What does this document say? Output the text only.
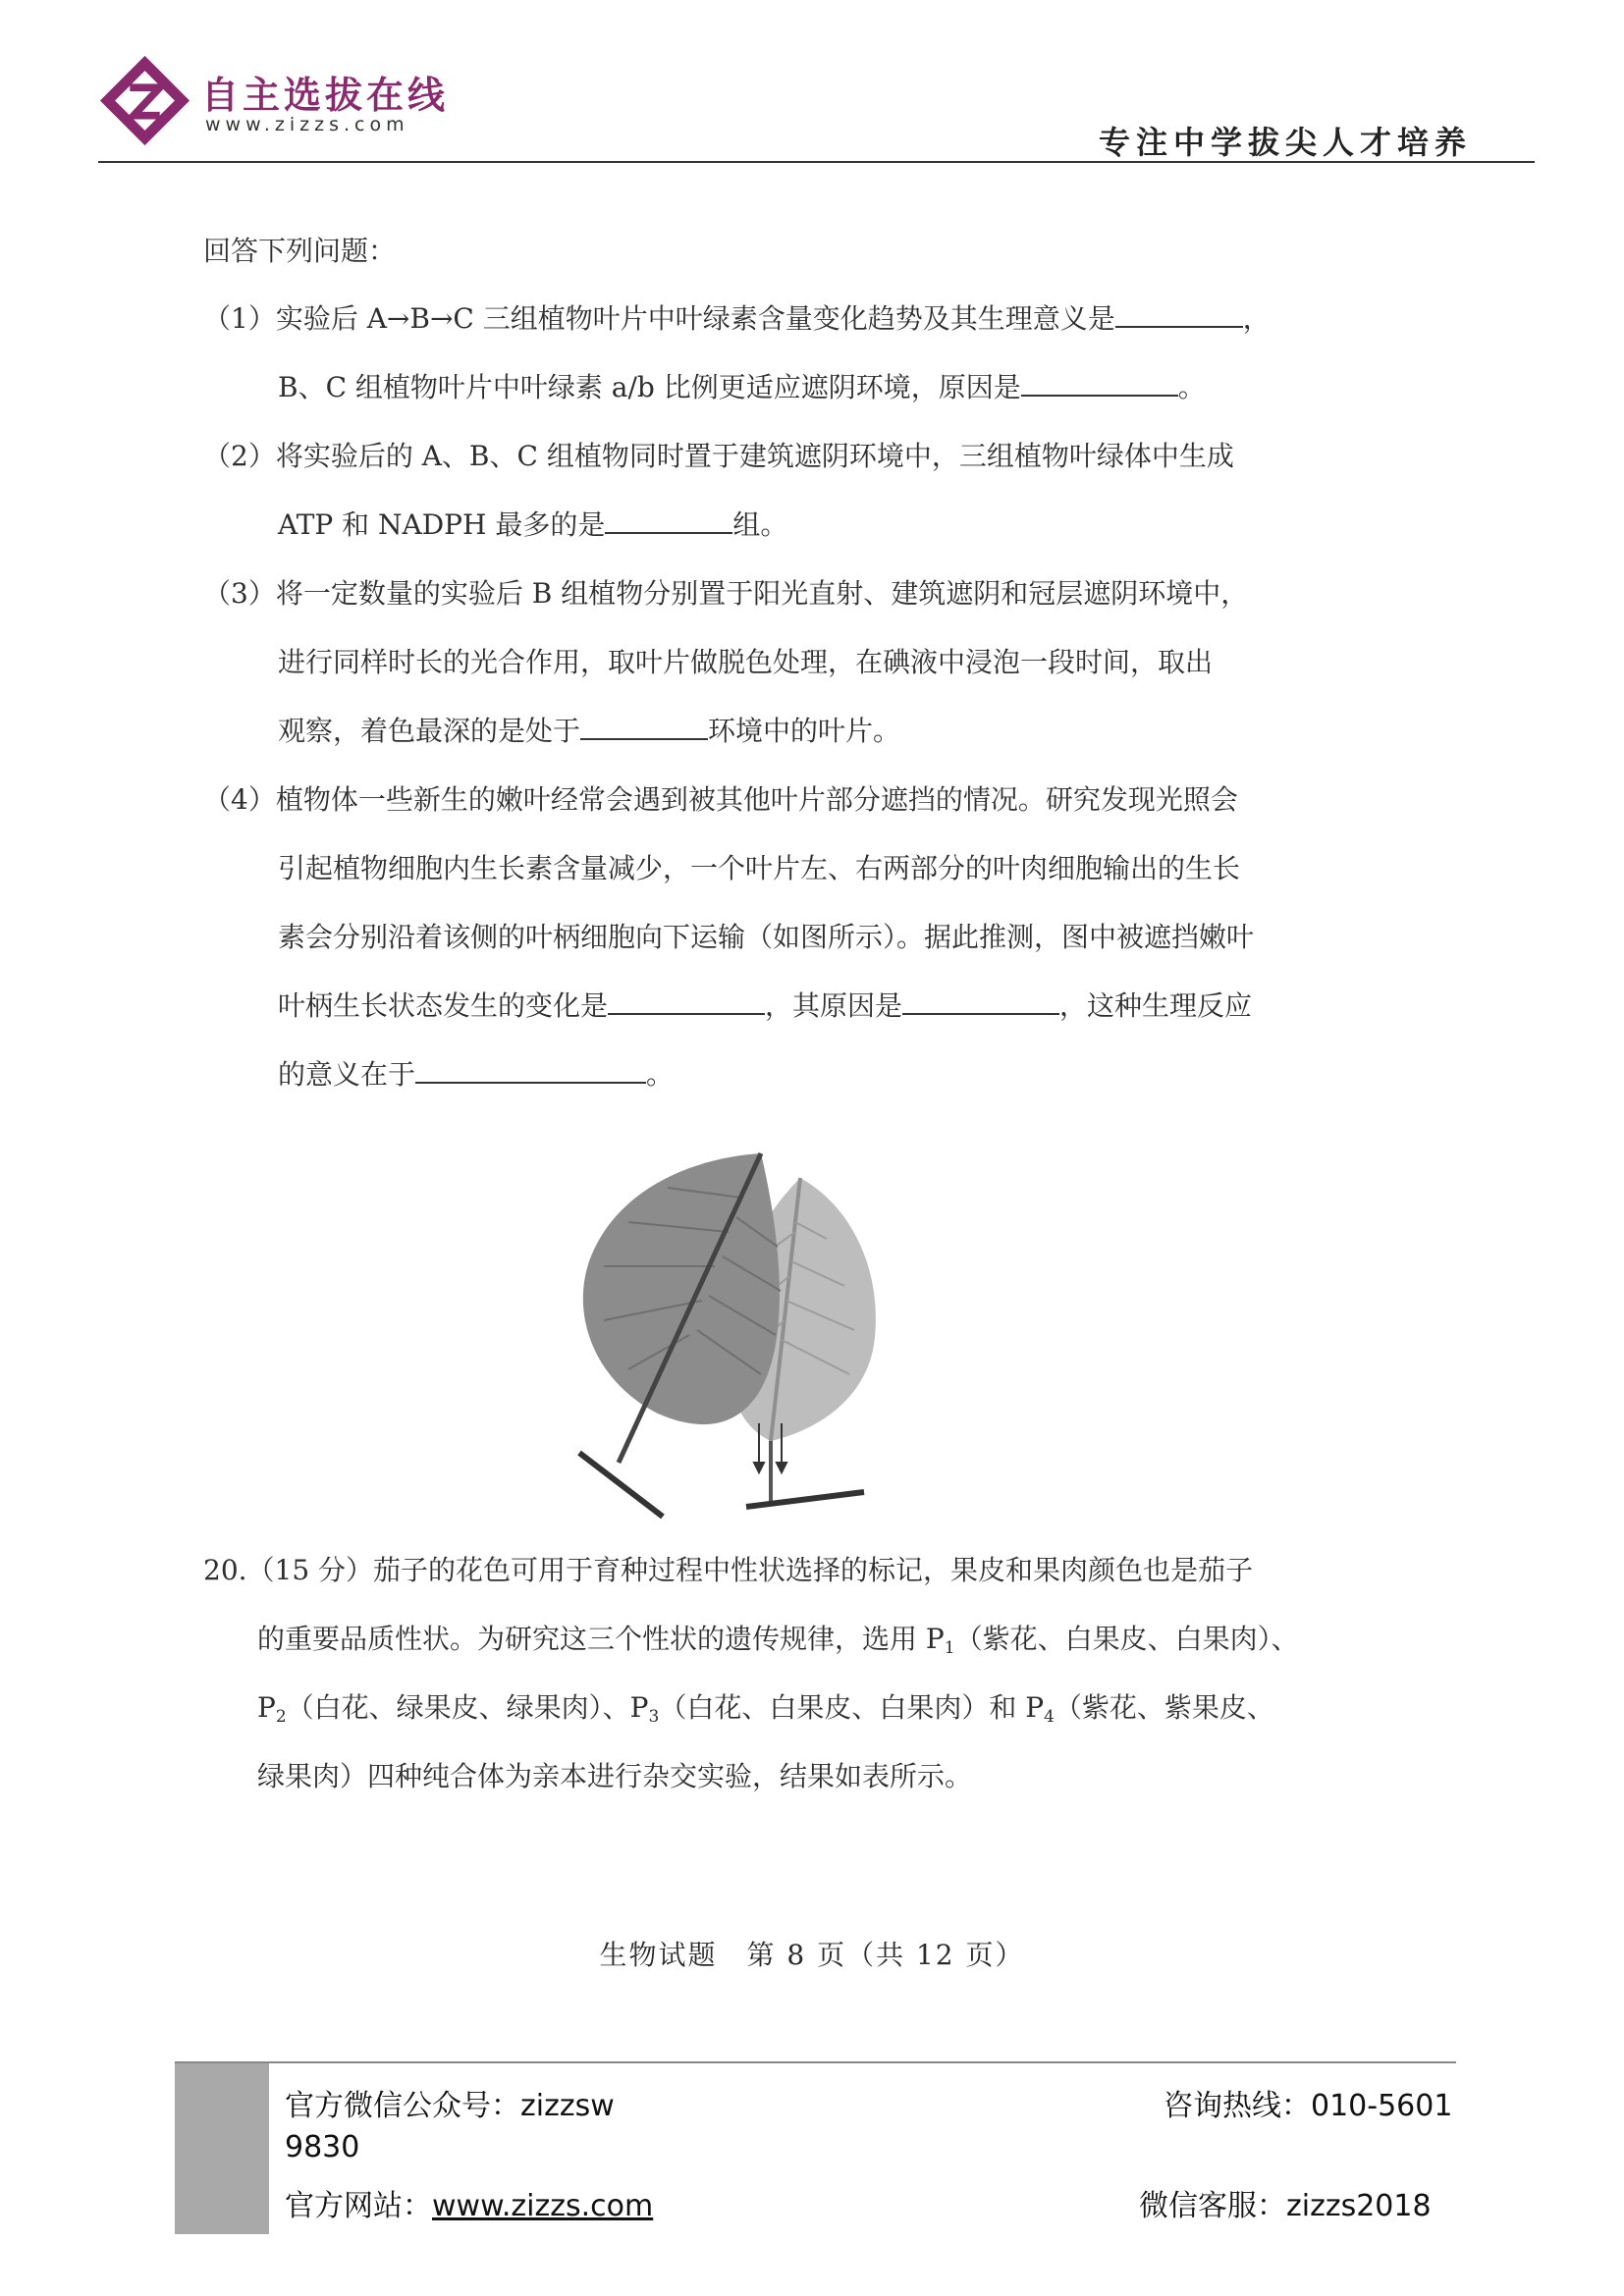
自主选拔在线
www.zizzs.com	专注中学拔尖人才培养
回答下列问题：
（1）实验后 A→B→C 三组植物叶片中叶绿素含量变化趋势及其生理意义是	，
B、C 组植物叶片中叶绿素 a/b 比例更适应遮阴环境，原因是	。
（2）将实验后的 A、B、C 组植物同时置于建筑遮阴环境中，三组植物叶绿体中生成
ATP 和 NADPH 最多的是	组。
（3）将一定数量的实验后 B 组植物分别置于阳光直射、建筑遮阴和冠层遮阴环境中，
进行同样时长的光合作用，取叶片做脱色处理，在碘液中浸泡一段时间，取出
观察，着色最深的是处于	环境中的叶片。
（4）植物体一些新生的嫩叶经常会遇到被其他叶片部分遮挡的情况。研究发现光照会
引起植物细胞内生长素含量减少，一个叶片左、右两部分的叶肉细胞输出的生长
素会分别沿着该侧的叶柄细胞向下运输（如图所示）。据此推测，图中被遮挡嫩叶
叶柄生长状态发生的变化是	，其原因是	，这种生理反应
的意义在于	。
20.（15 分）茄子的花色可用于育种过程中性状选择的标记，果皮和果肉颜色也是茄子
的重要品质性状。为研究这三个性状的遗传规律，选用 $P_1$（紫花、白果皮、白果肉）、
$P_2$（白花、绿果皮、绿果肉）、$P_3$（白花、白果皮、白果肉）和 $P_4$（紫花、紫果皮、
绿果肉）四种纯合体为亲本进行杂交实验，结果如表所示。
生物试题　第 8 页（共 12 页）
官方微信公众号：zizzsw
9830
官方网站：www.zizzs.com
咨询热线：010-5601
微信客服：zizzs2018
